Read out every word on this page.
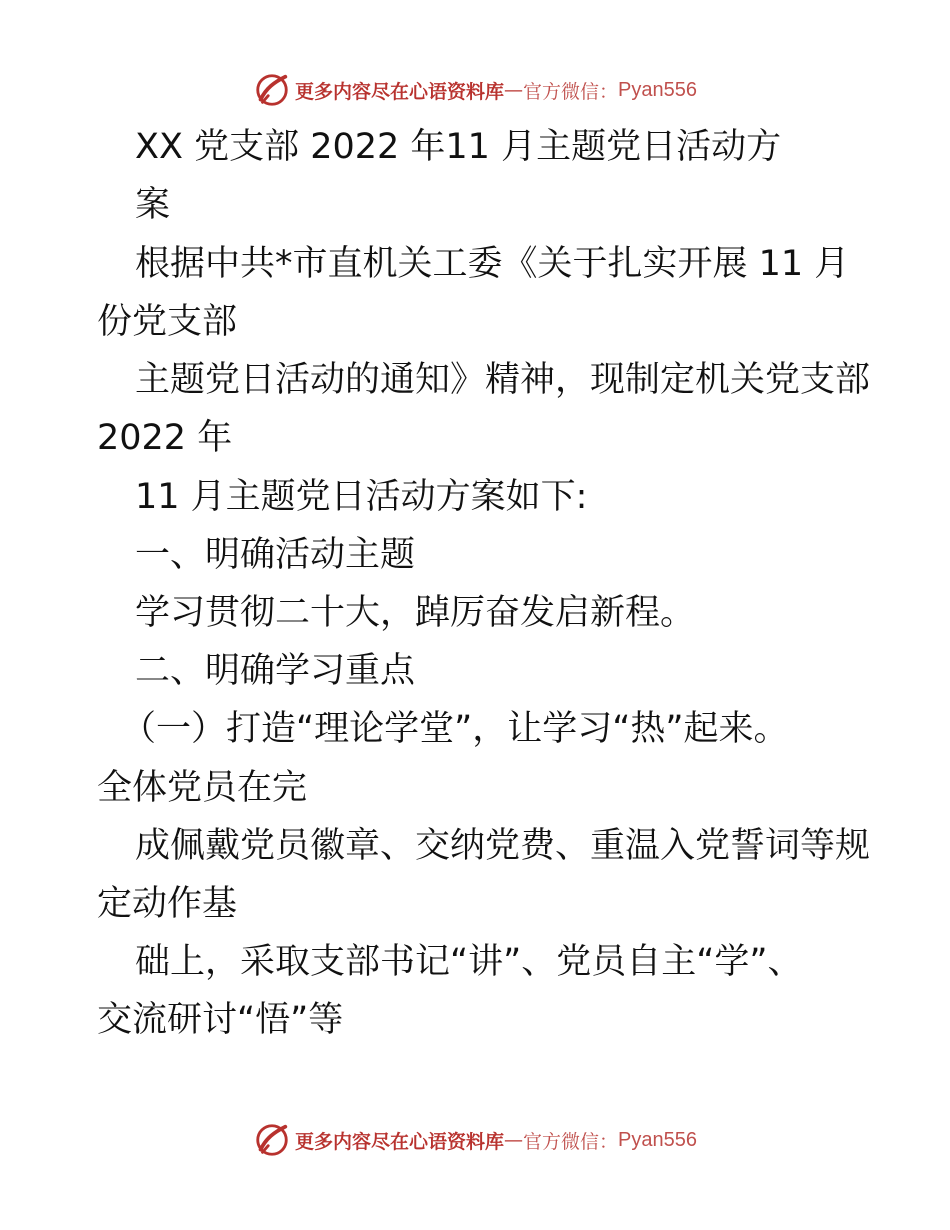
更多内容尽在心语资料库 — 官方微信： Pyan556
XX 党支部 2022 年11 月主题党日活动方
案
根据中共*市直机关工委《关于扎实开展 11 月
份党支部
主题党日活动的通知》精神，现制定机关党支部
2022 年
11 月主题党日活动方案如下:
一、明确活动主题
学习贯彻二十大，踔厉奋发启新程。
二、明确学习重点
（一）打造“理论学堂”，让学习“热”起来。
全体党员在完
成佩戴党员徽章、交纳党费、重温入党誓词等规
定动作基
础上，采取支部书记“讲”、党员自主“学”、
交流研讨“悟”等
更多内容尽在心语资料库 — 官方微信： Pyan556
